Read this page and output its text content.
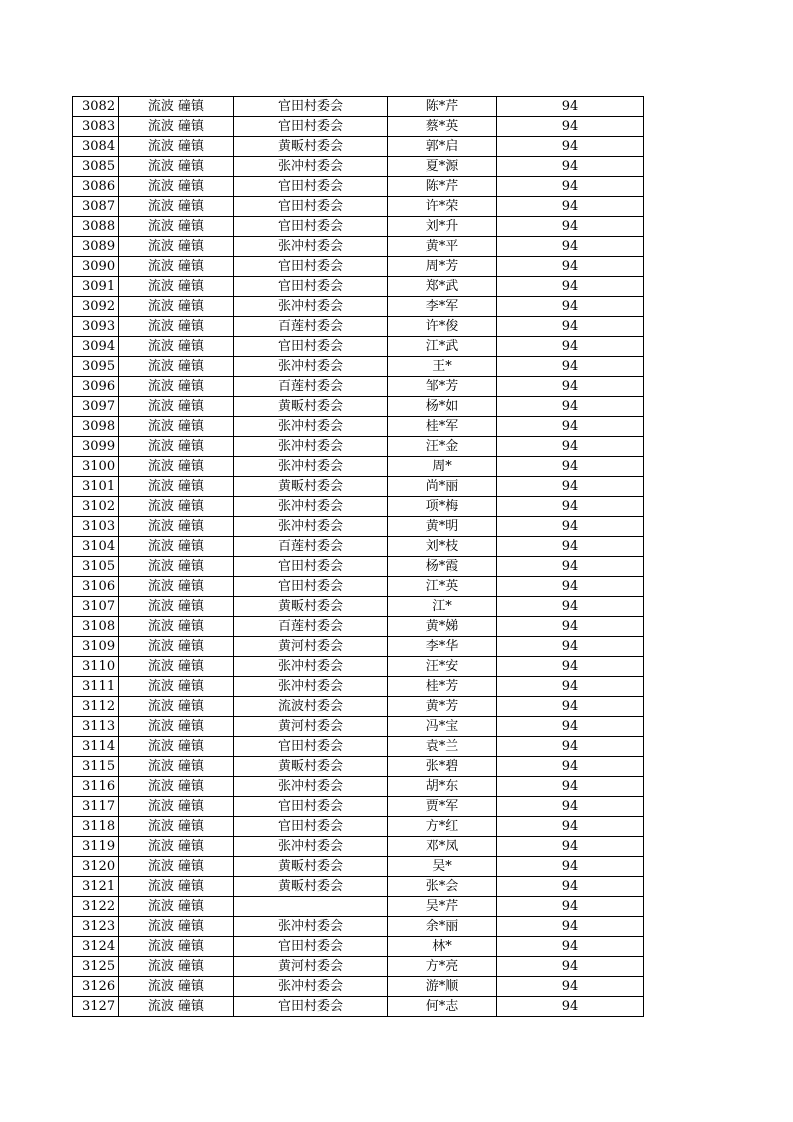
3082	流波 䃥镇	官田村委会	陈*芹	94
3083	流波 䃥镇	官田村委会	蔡*英	94
3084	流波 䃥镇	黄畈村委会	郭*启	94
3085	流波 䃥镇	张冲村委会	夏*源	94
3086	流波 䃥镇	官田村委会	陈*芹	94
3087	流波 䃥镇	官田村委会	许*荣	94
3088	流波 䃥镇	官田村委会	刘*升	94
3089	流波 䃥镇	张冲村委会	黄*平	94
3090	流波 䃥镇	官田村委会	周*芳	94
3091	流波 䃥镇	官田村委会	郑*武	94
3092	流波 䃥镇	张冲村委会	李*军	94
3093	流波 䃥镇	百莲村委会	许*俊	94
3094	流波 䃥镇	官田村委会	江*武	94
3095	流波 䃥镇	张冲村委会	王*	94
3096	流波 䃥镇	百莲村委会	邹*芳	94
3097	流波 䃥镇	黄畈村委会	杨*如	94
3098	流波 䃥镇	张冲村委会	桂*军	94
3099	流波 䃥镇	张冲村委会	汪*金	94
3100	流波 䃥镇	张冲村委会	周*	94
3101	流波 䃥镇	黄畈村委会	尚*丽	94
3102	流波 䃥镇	张冲村委会	项*梅	94
3103	流波 䃥镇	张冲村委会	黄*明	94
3104	流波 䃥镇	百莲村委会	刘*枝	94
3105	流波 䃥镇	官田村委会	杨*霞	94
3106	流波 䃥镇	官田村委会	江*英	94
3107	流波 䃥镇	黄畈村委会	江*	94
3108	流波 䃥镇	百莲村委会	黄*娣	94
3109	流波 䃥镇	黄河村委会	李*华	94
3110	流波 䃥镇	张冲村委会	汪*安	94
3111	流波 䃥镇	张冲村委会	桂*芳	94
3112	流波 䃥镇	流波村委会	黄*芳	94
3113	流波 䃥镇	黄河村委会	冯*宝	94
3114	流波 䃥镇	官田村委会	袁*兰	94
3115	流波 䃥镇	黄畈村委会	张*碧	94
3116	流波 䃥镇	张冲村委会	胡*东	94
3117	流波 䃥镇	官田村委会	贾*军	94
3118	流波 䃥镇	官田村委会	方*红	94
3119	流波 䃥镇	张冲村委会	邓*凤	94
3120	流波 䃥镇	黄畈村委会	吴*	94
3121	流波 䃥镇	黄畈村委会	张*会	94
3122	流波 䃥镇		吴*芹	94
3123	流波 䃥镇	张冲村委会	余*丽	94
3124	流波 䃥镇	官田村委会	林*	94
3125	流波 䃥镇	黄河村委会	方*亮	94
3126	流波 䃥镇	张冲村委会	游*顺	94
3127	流波 䃥镇	官田村委会	何*志	94
